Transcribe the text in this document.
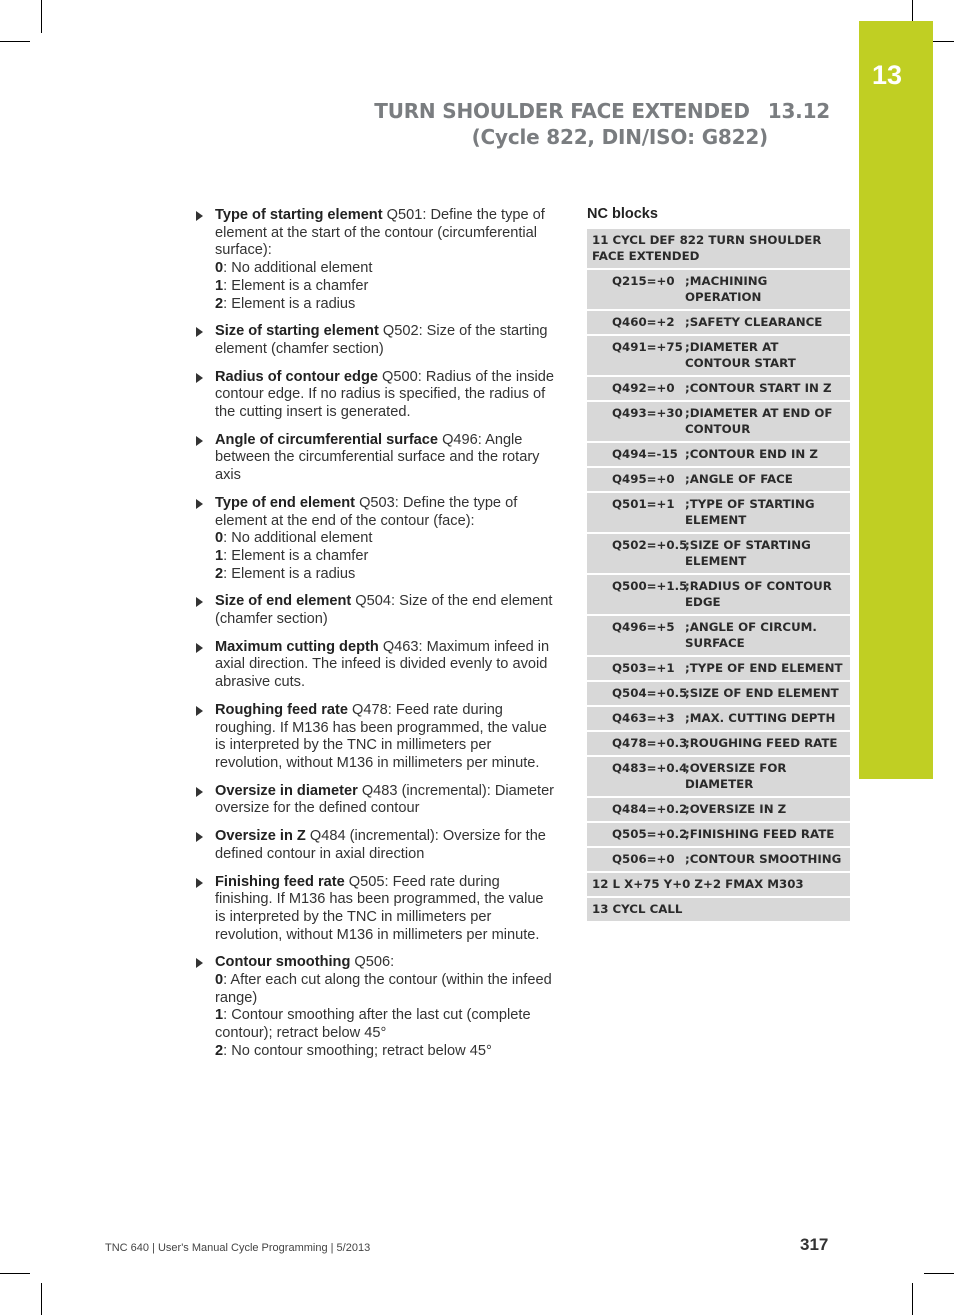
13
TURN SHOULDER FACE EXTENDED 13.12
(Cycle 822, DIN/ISO: G822)
Type of starting element Q501: Define the type of element at the start of the contour (circumferential surface):
0: No additional element
1: Element is a chamfer
2: Element is a radius
Size of starting element Q502: Size of the starting element (chamfer section)
Radius of contour edge Q500: Radius of the inside contour edge. If no radius is specified, the radius of the cutting insert is generated.
Angle of circumferential surface Q496: Angle between the circumferential surface and the rotary axis
Type of end element Q503: Define the type of element at the end of the contour (face):
0: No additional element
1: Element is a chamfer
2: Element is a radius
Size of end element Q504: Size of the end element (chamfer section)
Maximum cutting depth Q463: Maximum infeed in axial direction. The infeed is divided evenly to avoid abrasive cuts.
Roughing feed rate Q478: Feed rate during roughing. If M136 has been programmed, the value is interpreted by the TNC in millimeters per revolution, without M136 in millimeters per minute.
Oversize in diameter Q483 (incremental): Diameter oversize for the defined contour
Oversize in Z Q484 (incremental): Oversize for the defined contour in axial direction
Finishing feed rate Q505: Feed rate during finishing. If M136 has been programmed, the value is interpreted by the TNC in millimeters per revolution, without M136 in millimeters per minute.
Contour smoothing Q506:
0: After each cut along the contour (within the infeed range)
1: Contour smoothing after the last cut (complete contour); retract below 45°
2: No contour smoothing; retract below 45°
NC blocks
11 CYCL DEF 822 TURN SHOULDER FACE EXTENDED
Q215=+0 ;MACHINING OPERATION
Q460=+2 ;SAFETY CLEARANCE
Q491=+75 ;DIAMETER AT CONTOUR START
Q492=+0 ;CONTOUR START IN Z
Q493=+30 ;DIAMETER AT END OF CONTOUR
Q494=-15 ;CONTOUR END IN Z
Q495=+0 ;ANGLE OF FACE
Q501=+1 ;TYPE OF STARTING ELEMENT
Q502=+0.5
;SIZE OF STARTING ELEMENT
Q500=+1.5
;RADIUS OF CONTOUR EDGE
Q496=+5 ;ANGLE OF CIRCUM. SURFACE
Q503=+1 ;TYPE OF END ELEMENT
Q504=+0.5
;SIZE OF END ELEMENT
Q463=+3 ;MAX. CUTTING DEPTH
Q478=+0.3
;ROUGHING FEED RATE
Q483=+0.4
;OVERSIZE FOR DIAMETER
Q484=+0.2
;OVERSIZE IN Z
Q505=+0.2
;FINISHING FEED RATE
Q506=+0 ;CONTOUR SMOOTHING
12 L X+75 Y+0 Z+2 FMAX M303
13 CYCL CALL
TNC 640 | User's Manual Cycle Programming | 5/2013	317
